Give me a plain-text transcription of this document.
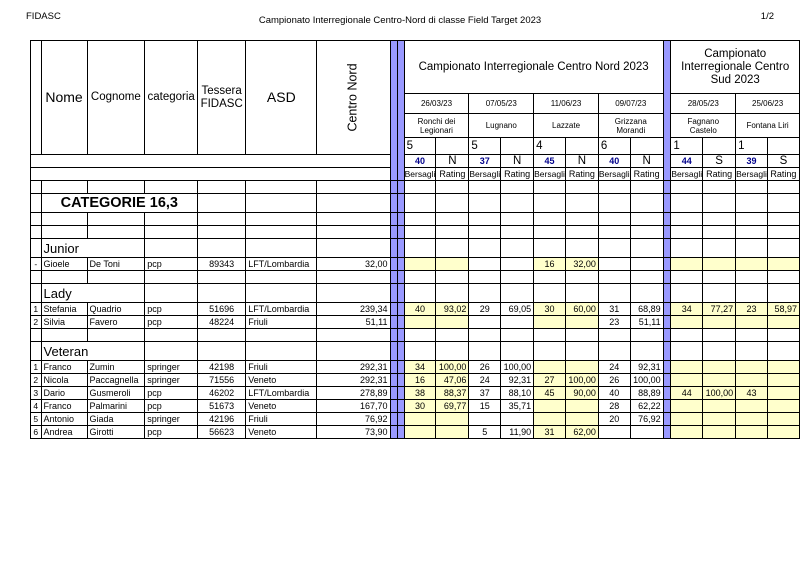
FIDASC	Campionato Interregionale Centro-Nord di classe Field Target 2023	1/2
	Nome	Cognome	categoria	Tessera FIDASC	ASD	Centro Nord			Campionato Interregionale Centro Nord 2023									Campionato Interregionale Centro Sud 2023			
									26/03/23		07/05/23		11/06/23		09/07/23			28/05/23		25/06/23	
									Ronchi dei Legionari		Lugnano		Lazzate		Grizzana Morandi			Fagnano Castelo		Fontana Liri	
									5		5		4		6			1		1	
									40	N	37	N	45	N	40	N		44	S	39	S
									Bersagli	Rating	Bersagli	Rating	Bersagli	Rating	Bersagli	Rating		Bersagli	Rating	Bersagli	Rating

	CATEGORIE 16,3																				

	Junior																				
-	Gioele	De Toni	pcp	89343	LFT/Lombardia	32,00							16	32,00							

	Lady																				
1	Stefania	Quadrio	pcp	51696	LFT/Lombardia	239,34			40	93,02	29	69,05	30	60,00	31	68,89		34	77,27	23	58,97
2	Silvia	Favero	pcp	48224	Friuli	51,11									23	51,11					

	Veteran																				
1	Franco	Zumin	springer	42198	Friuli	292,31			34	100,00	26	100,00			24	92,31					
2	Nicola	Paccagnella	springer	71556	Veneto	292,31			16	47,06	24	92,31	27	100,00	26	100,00					
3	Dario	Gusmeroli	pcp	46202	LFT/Lombardia	278,89			38	88,37	37	88,10	45	90,00	40	88,89		44	100,00	43	
4	Franco	Palmarini	pcp	51673	Veneto	167,70			30	69,77	15	35,71			28	62,22					
5	Antonio	Giada	springer	42196	Friuli	76,92									20	76,92					
6	Andrea	Girotti	pcp	56623	Veneto	73,90					5	11,90	31	62,00							
